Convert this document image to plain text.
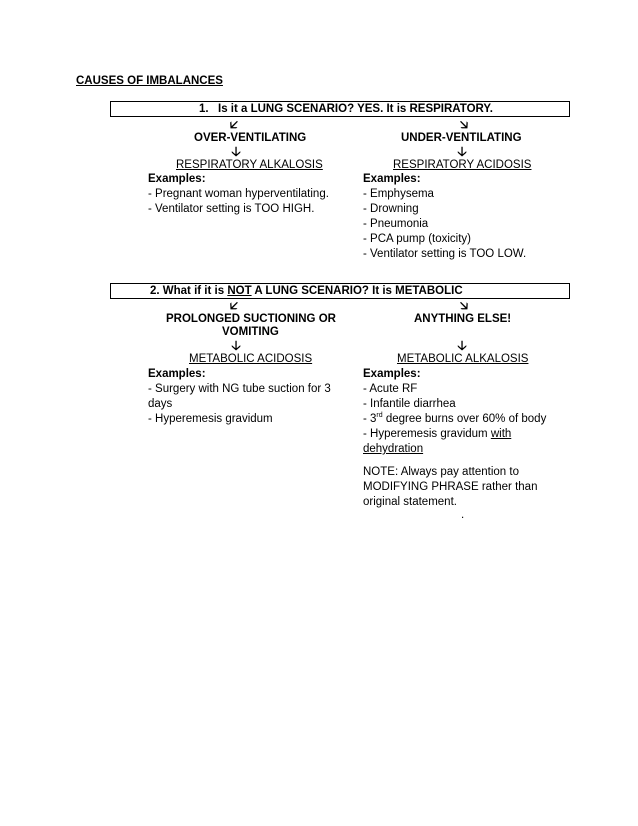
CAUSES OF IMBALANCES
1. Is it a LUNG SCENARIO? YES. It is RESPIRATORY.
🡧	🡦
OVER-VENTILATING	UNDER-VENTILATING
🡣	🡣
RESPIRATORY ALKALOSIS	RESPIRATORY ACIDOSIS
Examples:
- Pregnant woman hyperventilating.
- Ventilator setting is TOO HIGH.
Examples:
- Emphysema
- Drowning
- Pneumonia
- PCA pump (toxicity)
- Ventilator setting is TOO LOW.
2. What if it is NOT A LUNG SCENARIO? It is METABOLIC
🡧	🡦
PROLONGED SUCTIONING OR
VOMITING
ANYTHING ELSE!
🡣	🡣
METABOLIC ACIDOSIS	METABOLIC ALKALOSIS
Examples:
- Surgery with NG tube suction for 3
days
- Hyperemesis gravidum
Examples:
- Acute RF
- Infantile diarrhea
- 3rd degree burns over 60% of body
- Hyperemesis gravidum with
dehydration
NOTE: Always pay attention to
MODIFYING PHRASE rather than
original statement.
.
